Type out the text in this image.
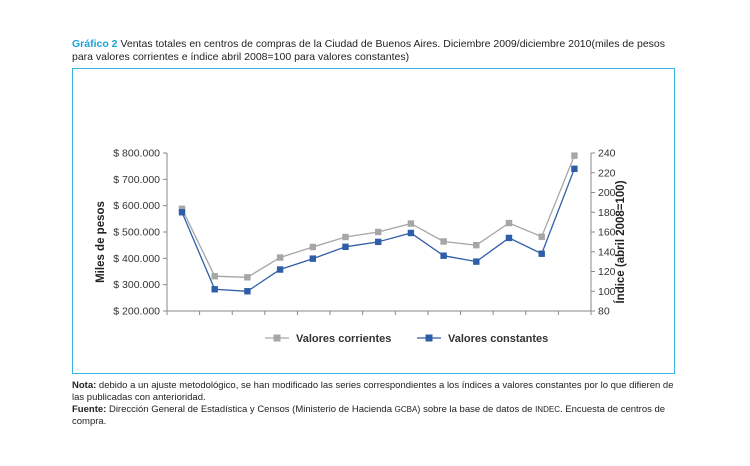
Gráfico 2 Ventas totales en centros de compras de la Ciudad de Buenos Aires. Diciembre 2009/diciembre 2010(miles de pesos para valores corrientes e índice abril 2008=100 para valores constantes)
$ 200.000
$ 300.000
$ 400.000
$ 500.000
$ 600.000
$ 700.000
$ 800.000
80
100
120
140
160
180
200
220
240
Valores corrientes	Valores constantes
Miles de pesos	Índice (abril 2008=100)
Nota: debido a un ajuste metodológico, se han modificado las series correspondientes a los índices a valores constantes por lo que difieren de las publicadas con anterioridad.
Fuente: Dirección General de Estadística y Censos (Ministerio de Hacienda GCBA) sobre la base de datos de INDEC. Encuesta de centros de compra.
